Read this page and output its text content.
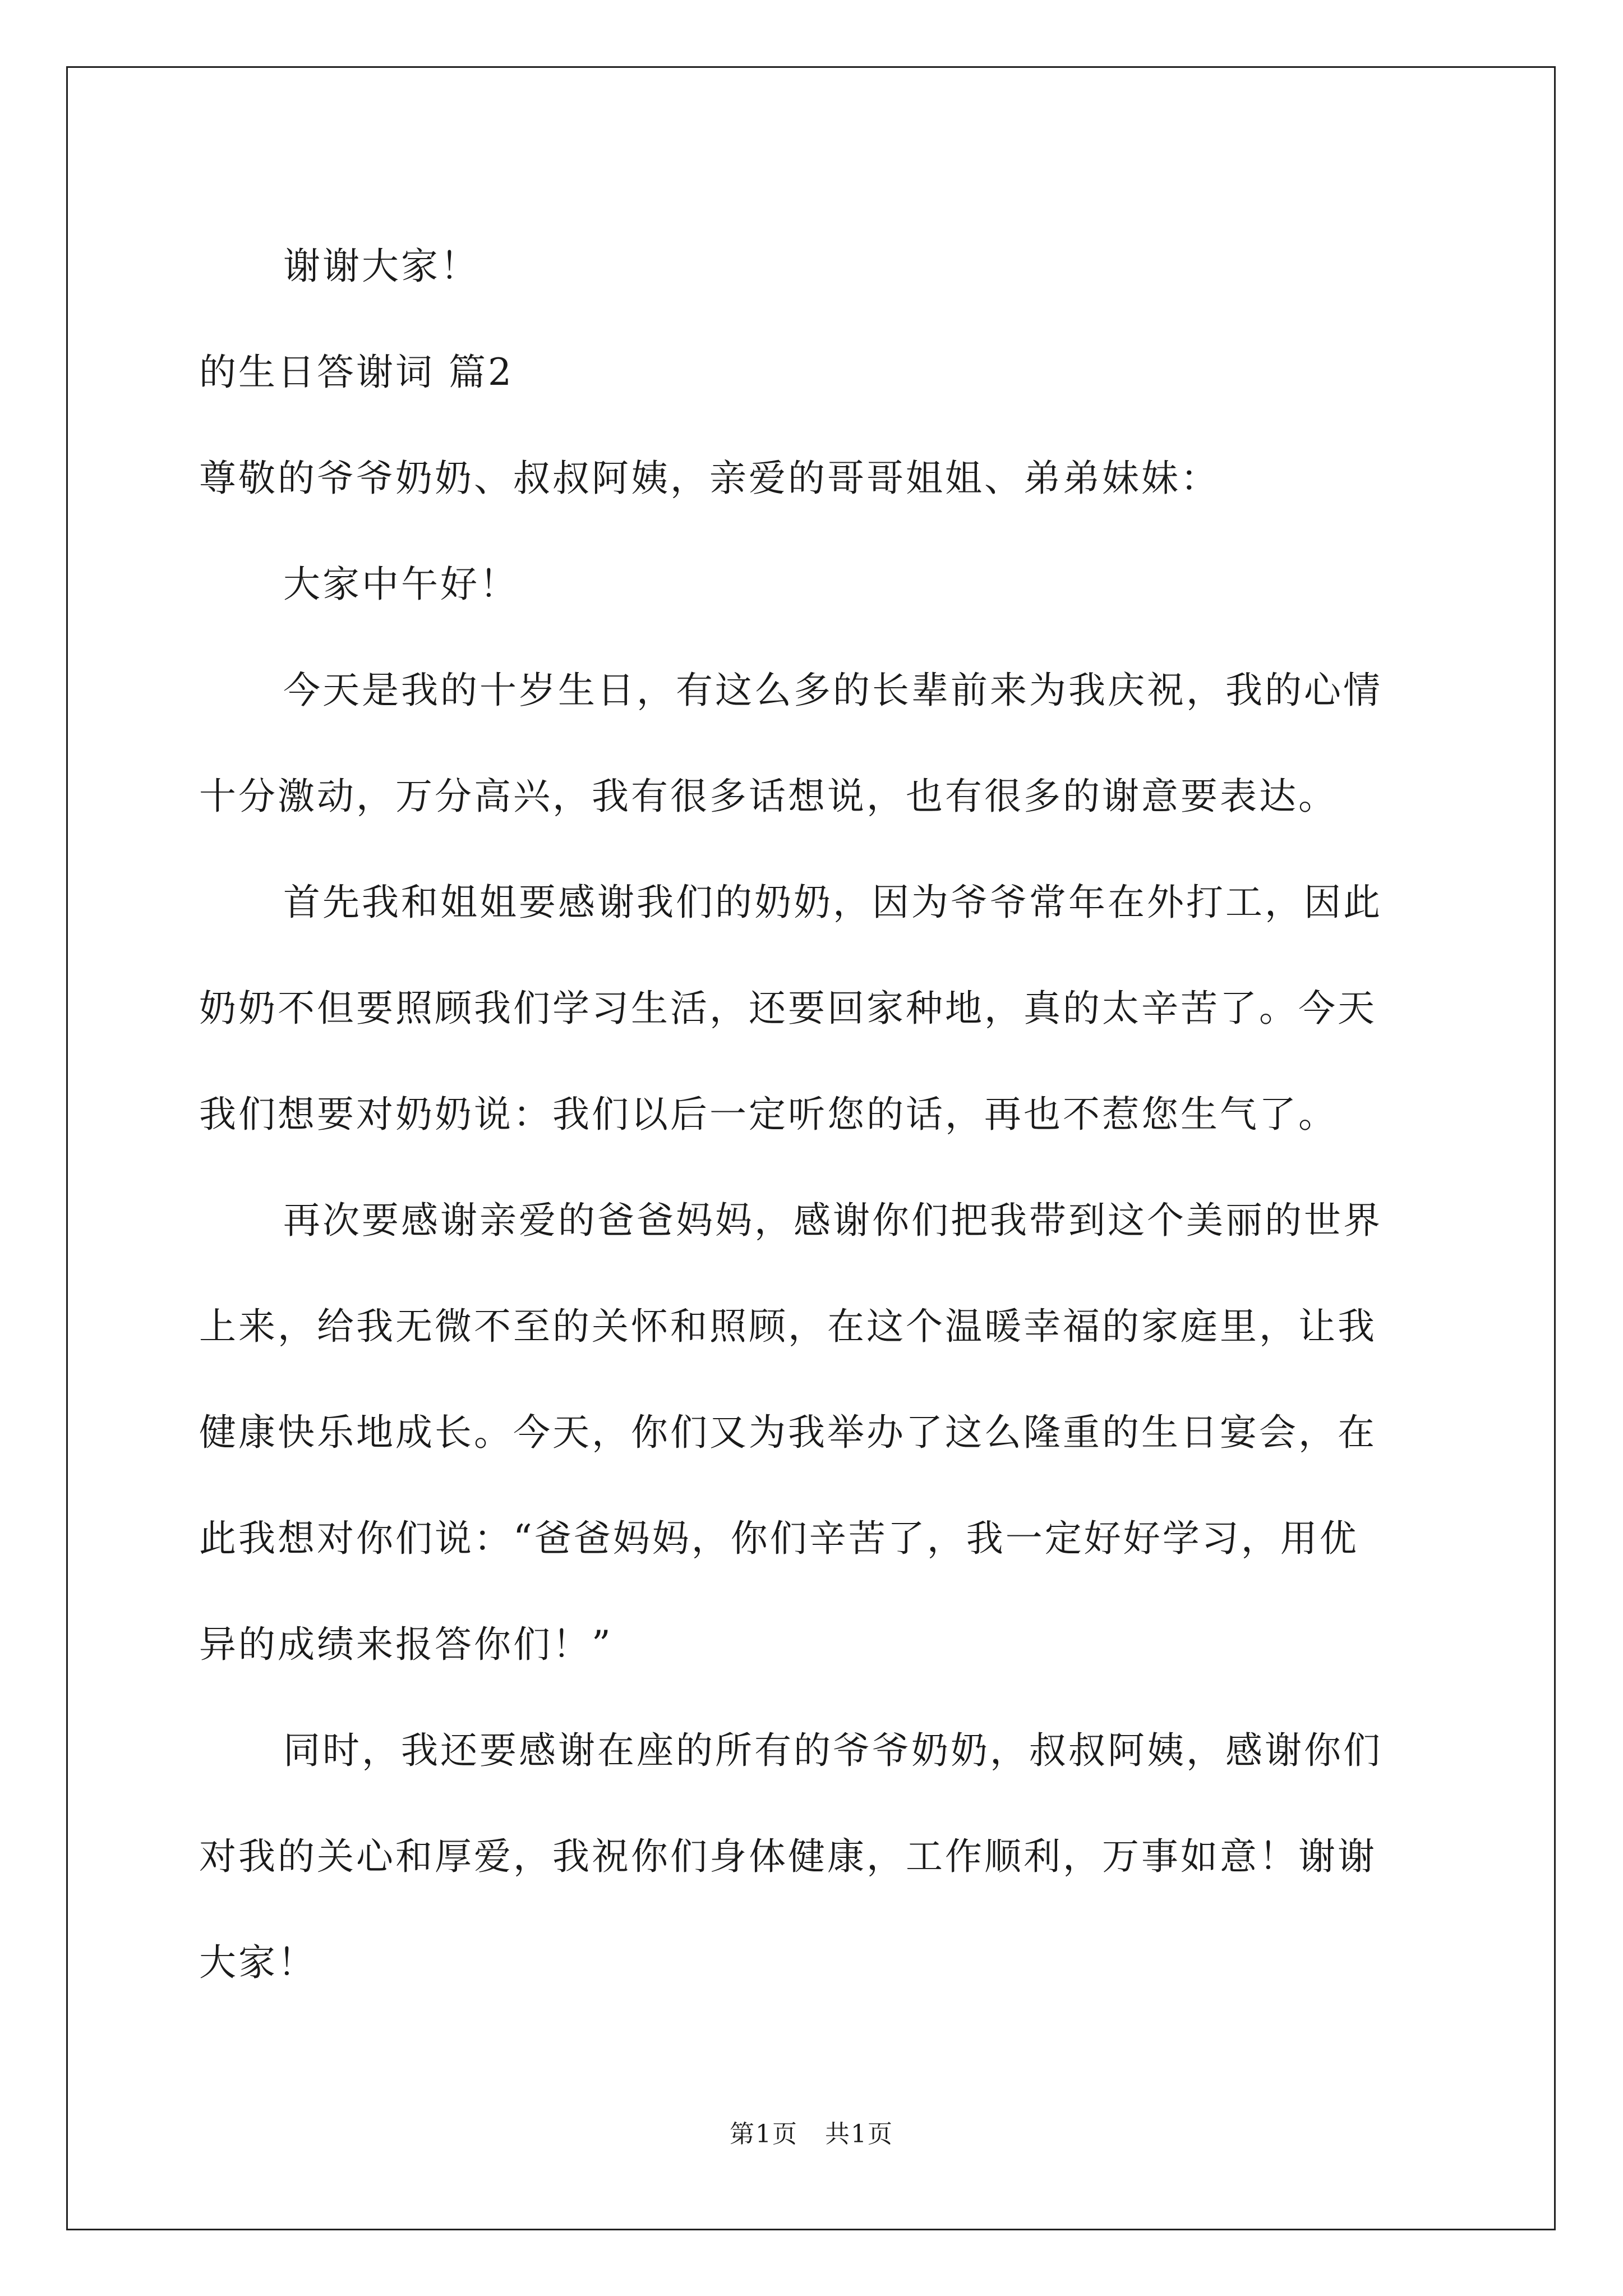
谢谢大家！
的生日答谢词 篇2
尊敬的爷爷奶奶、叔叔阿姨，亲爱的哥哥姐姐、弟弟妹妹：
大家中午好！
今天是我的十岁生日，有这么多的长辈前来为我庆祝，我的心情
十分激动，万分高兴，我有很多话想说，也有很多的谢意要表达。
首先我和姐姐要感谢我们的奶奶，因为爷爷常年在外打工，因此
奶奶不但要照顾我们学习生活，还要回家种地，真的太辛苦了。今天
我们想要对奶奶说：我们以后一定听您的话，再也不惹您生气了。
再次要感谢亲爱的爸爸妈妈，感谢你们把我带到这个美丽的世界
上来，给我无微不至的关怀和照顾，在这个温暖幸福的家庭里，让我
健康快乐地成长。今天，你们又为我举办了这么隆重的生日宴会，在
此我想对你们说：“爸爸妈妈，你们辛苦了，我一定好好学习，用优
异的成绩来报答你们！”
同时，我还要感谢在座的所有的爷爷奶奶，叔叔阿姨，感谢你们
对我的关心和厚爱，我祝你们身体健康，工作顺利，万事如意！谢谢
大家！
第1页 共1页
